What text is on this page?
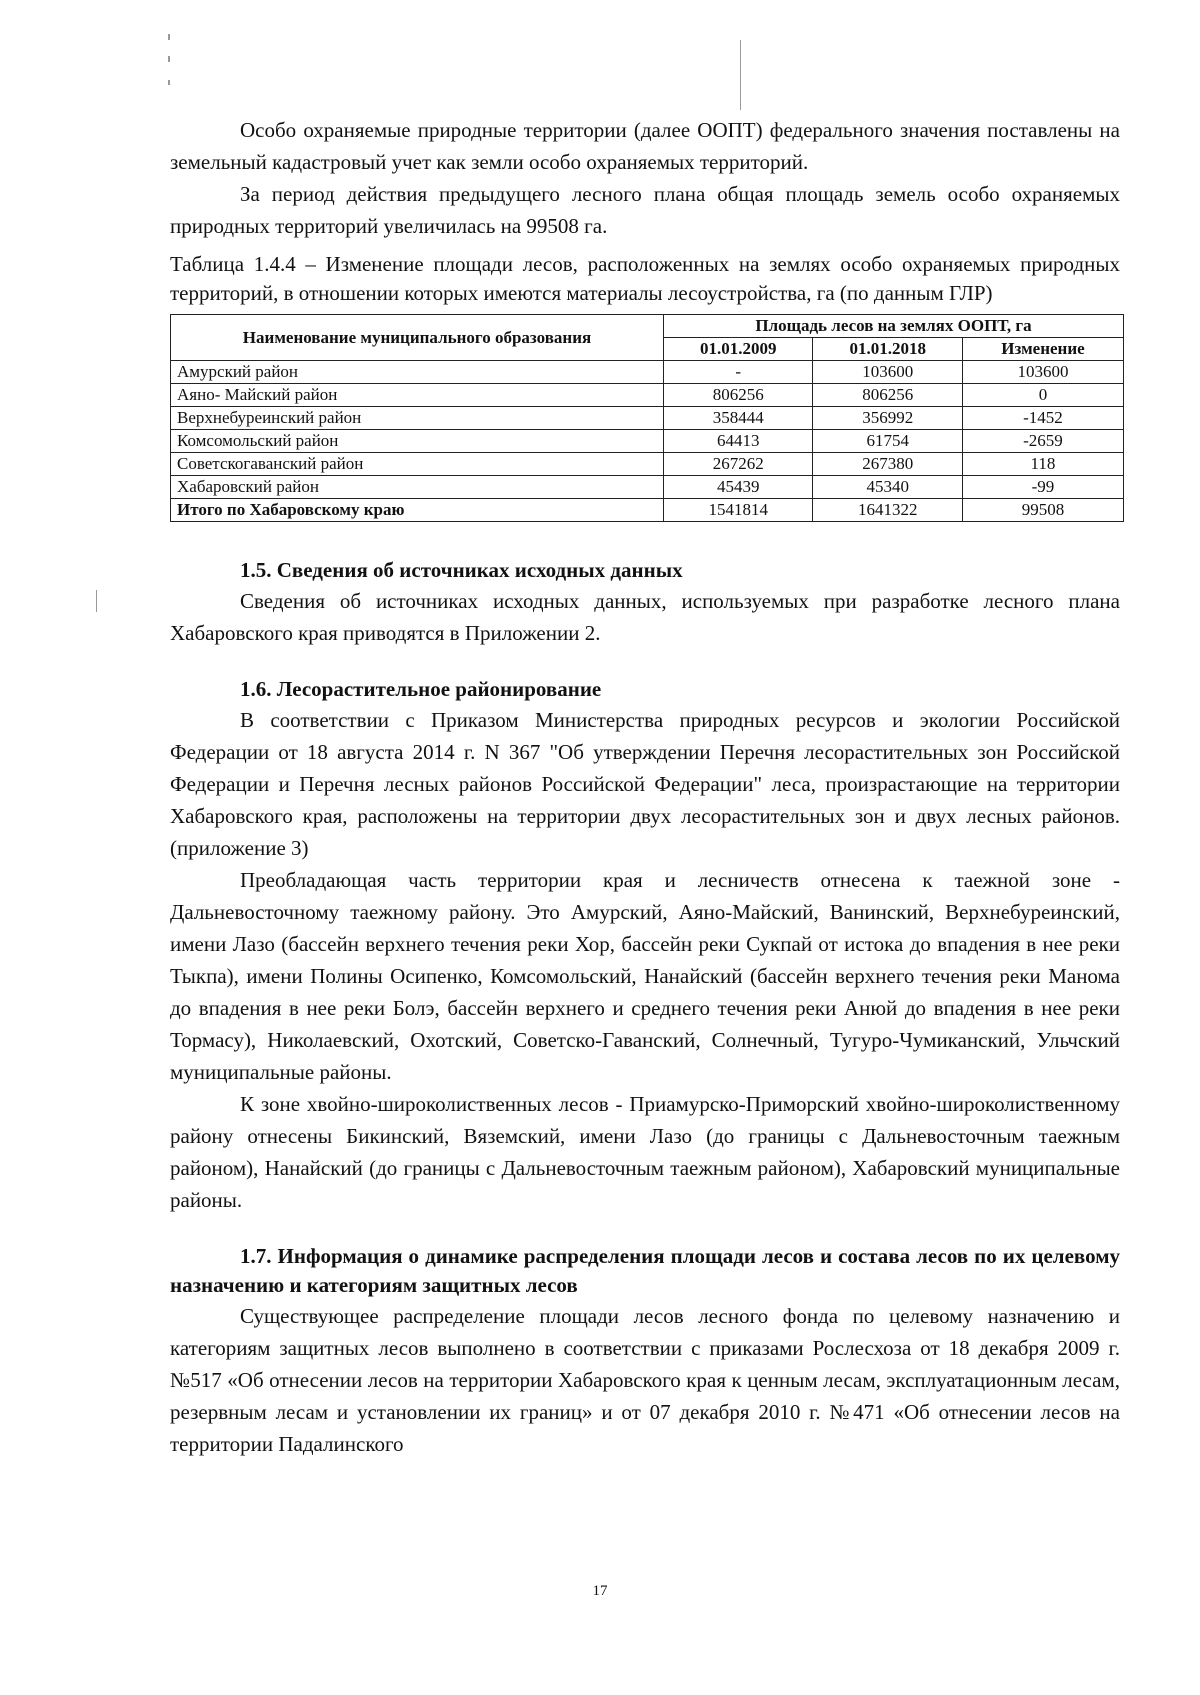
Особо охраняемые природные территории (далее ООПТ) федерального значения поставлены на земельный кадастровый учет как земли особо охраняемых территорий.

За период действия предыдущего лесного плана общая площадь земель особо охраняемых природных территорий увеличилась на 99508 га.

Таблица 1.4.4 – Изменение площади лесов, расположенных на землях особо охраняемых природных территорий, в отношении которых имеются материалы лесоустройства, га (по данным ГЛР)

Наименование муниципального образования	Площадь лесов на землях ООПТ, га		
	01.01.2009	01.01.2018	Изменение
Амурский район	-	103600	103600
Аяно- Майский район	806256	806256	0
Верхнебуреинский район	358444	356992	-1452
Комсомольский район	64413	61754	-2659
Советскогаванский район	267262	267380	118
Хабаровский район	45439	45340	-99
Итого по Хабаровскому краю	1541814	1641322	99508
1.5. Сведения об источниках исходных данных

Сведения об источниках исходных данных, используемых при разработке лесного плана Хабаровского края приводятся в Приложении 2.

1.6. Лесорастительное районирование

В соответствии с Приказом Министерства природных ресурсов и экологии Российской Федерации от 18 августа 2014 г. N 367 "Об утверждении Перечня лесорастительных зон Российской Федерации и Перечня лесных районов Российской Федерации" леса, произрастающие на территории Хабаровского края, расположены на территории двух лесорастительных зон и двух лесных районов. (приложение 3)

Преобладающая часть территории края и лесничеств отнесена к таежной зоне - Дальневосточному таежному району. Это Амурский, Аяно-Майский, Ванинский, Верхнебуреинский, имени Лазо (бассейн верхнего течения реки Хор, бассейн реки Сукпай от истока до впадения в нее реки Тыкпа), имени Полины Осипенко, Комсомольский, Нанайский (бассейн верхнего течения реки Манома до впадения в нее реки Болэ, бассейн верхнего и среднего течения реки Анюй до впадения в нее реки Тормасу), Николаевский, Охотский, Советско-Гаванский, Солнечный, Тугуро-Чумиканский, Ульчский муниципальные районы.

К зоне хвойно-широколиственных лесов - Приамурско-Приморский хвойно-широколиственному району отнесены Бикинский, Вяземский, имени Лазо (до границы с Дальневосточным таежным районом), Нанайский (до границы с Дальневосточным таежным районом), Хабаровский муниципальные районы.

1.7. Информация о динамике распределения площади лесов и состава лесов по их целевому назначению и категориям защитных лесов

Существующее распределение площади лесов лесного фонда по целевому назначению и категориям защитных лесов выполнено в соответствии с приказами Рослесхоза от 18 декабря 2009 г. №517 «Об отнесении лесов на территории Хабаровского края к ценным лесам, эксплуатационным лесам, резервным лесам и установлении их границ» и от 07 декабря 2010 г. №471 «Об отнесении лесов на территории Падалинского

17
